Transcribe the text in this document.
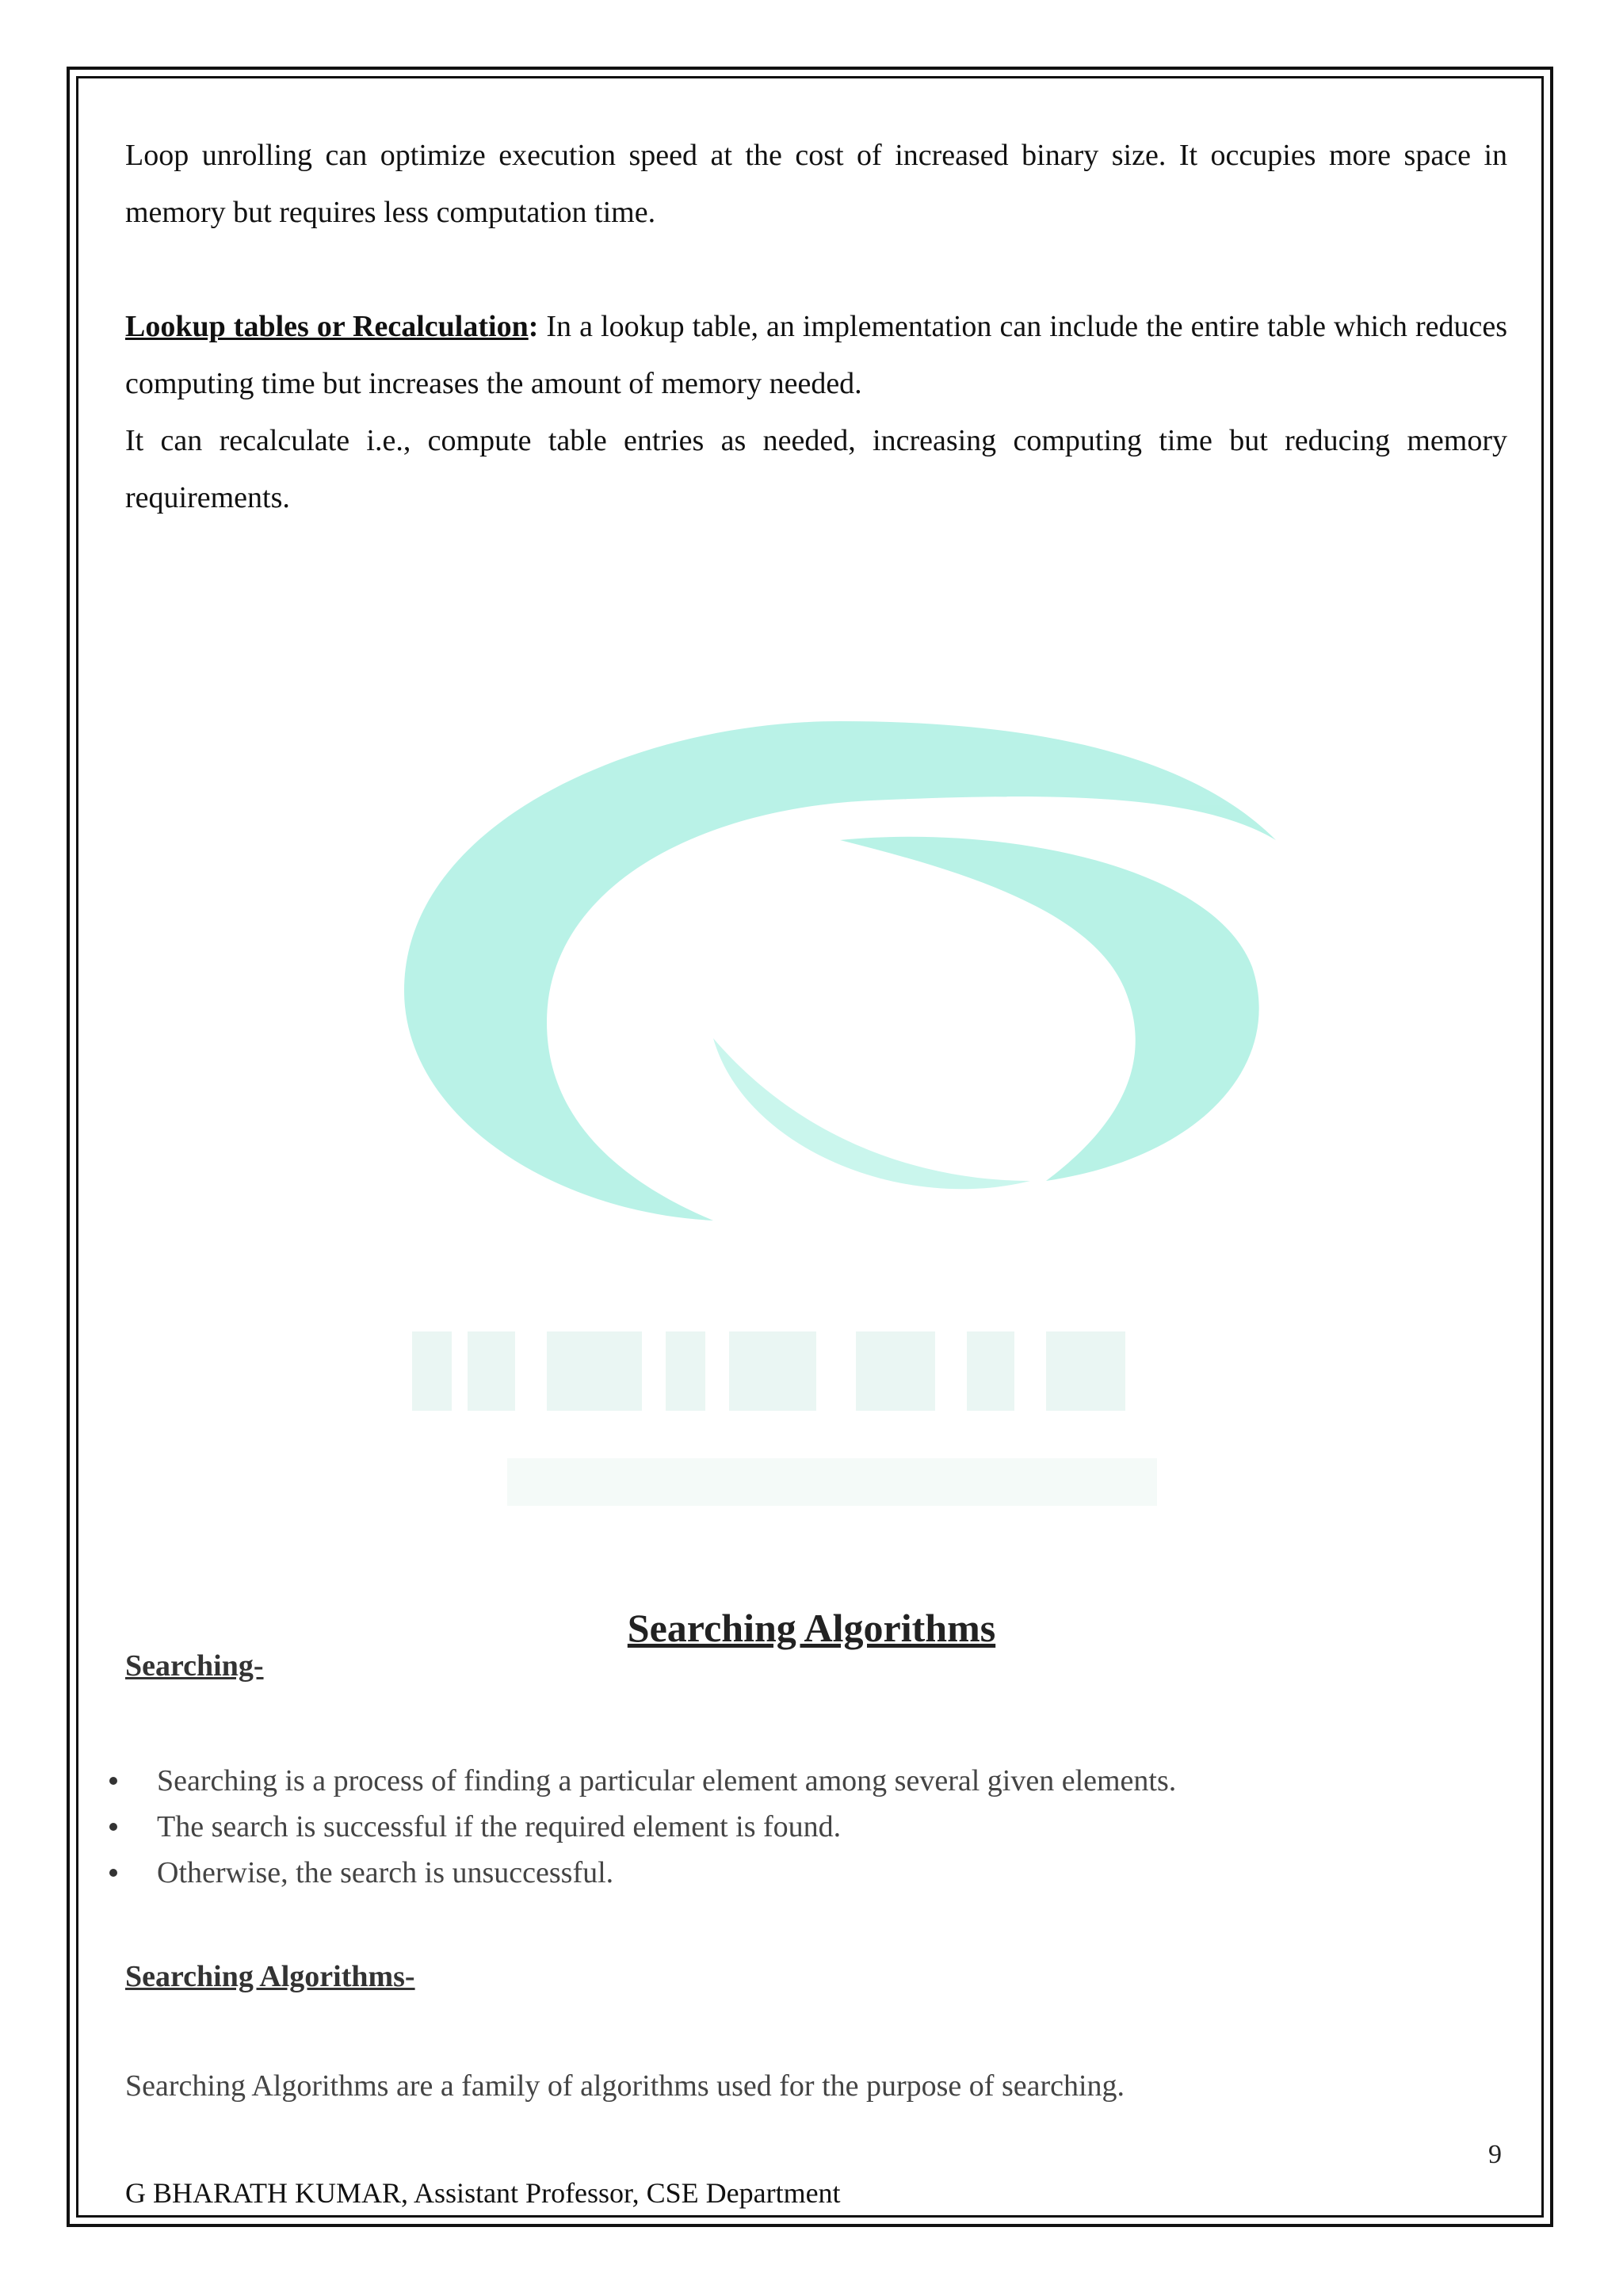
Loop unrolling can optimize execution speed at the cost of increased binary size. It occupies more space in memory but requires less computation time.

Lookup tables or Recalculation: In a lookup table, an implementation can include the entire table which reduces computing time but increases the amount of memory needed.

It can recalculate i.e., compute table entries as needed, increasing computing time but reducing memory requirements.

Searching Algorithms
Searching-
Searching is a process of finding a particular element among several given elements.
The search is successful if the required element is found.
Otherwise, the search is unsuccessful.
Searching Algorithms-
Searching Algorithms are a family of algorithms used for the purpose of searching.
9
G BHARATH KUMAR, Assistant Professor, CSE Department
